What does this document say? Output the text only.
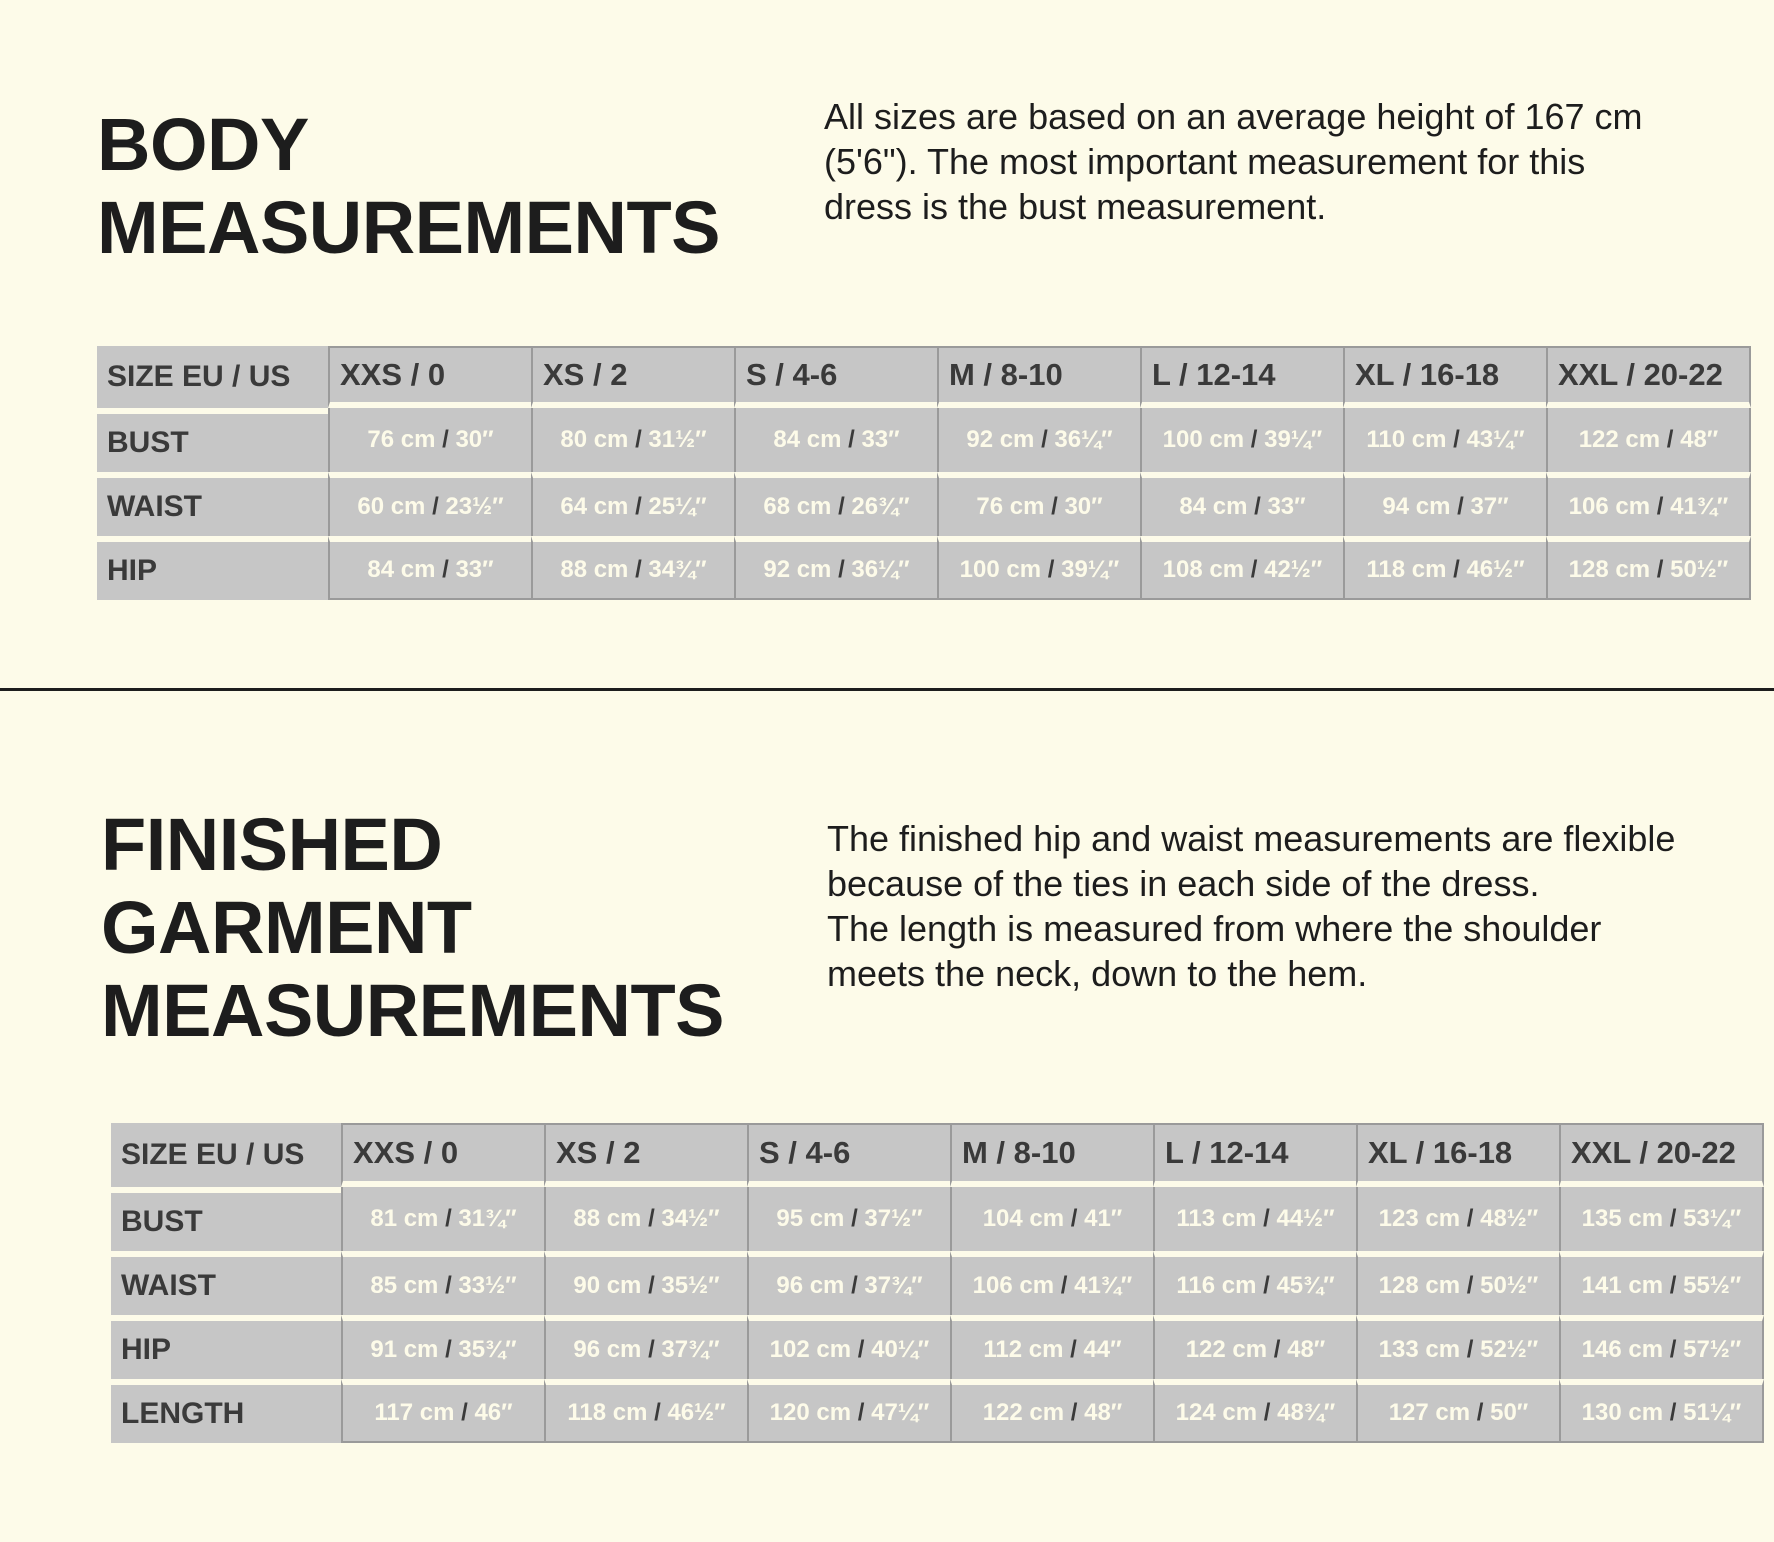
BODY
MEASUREMENTS

All sizes are based on an average height of 167 cm
(5'6"). The most important measurement for this
dress is the bust measurement.

SIZE EU / US	XXS / 0	XS / 2	S / 4-6	M / 8-10	L / 12-14	XL / 16-18	XXL / 20-22
BUST	76 cm / 30″	80 cm / 31½″	84 cm / 33″	92 cm / 36¼″	100 cm / 39¼″	110 cm / 43¼″	122 cm / 48″
WAIST	60 cm / 23½″	64 cm / 25¼″	68 cm / 26¾″	76 cm / 30″	84 cm / 33″	94 cm / 37″	106 cm / 41¾″
HIP	84 cm / 33″	88 cm / 34¾″	92 cm / 36¼″	100 cm / 39¼″	108 cm / 42½″	118 cm / 46½″	128 cm / 50½″
FINISHED
GARMENT
MEASUREMENTS

The finished hip and waist measurements are flexible
because of the ties in each side of the dress.
The length is measured from where the shoulder
meets the neck, down to the hem.

SIZE EU / US	XXS / 0	XS / 2	S / 4-6	M / 8-10	L / 12-14	XL / 16-18	XXL / 20-22
BUST	81 cm / 31¾″	88 cm / 34½″	95 cm / 37½″	104 cm / 41″	113 cm / 44½″	123 cm / 48½″	135 cm / 53¼″
WAIST	85 cm / 33½″	90 cm / 35½″	96 cm / 37¾″	106 cm / 41¾″	116 cm / 45¾″	128 cm / 50½″	141 cm / 55½″
HIP	91 cm / 35¾″	96 cm / 37¾″	102 cm / 40¼″	112 cm / 44″	122 cm / 48″	133 cm / 52½″	146 cm / 57½″
LENGTH	117 cm / 46″	118 cm / 46½″	120 cm / 47¼″	122 cm / 48″	124 cm / 48¾″	127 cm / 50″	130 cm / 51¼″
